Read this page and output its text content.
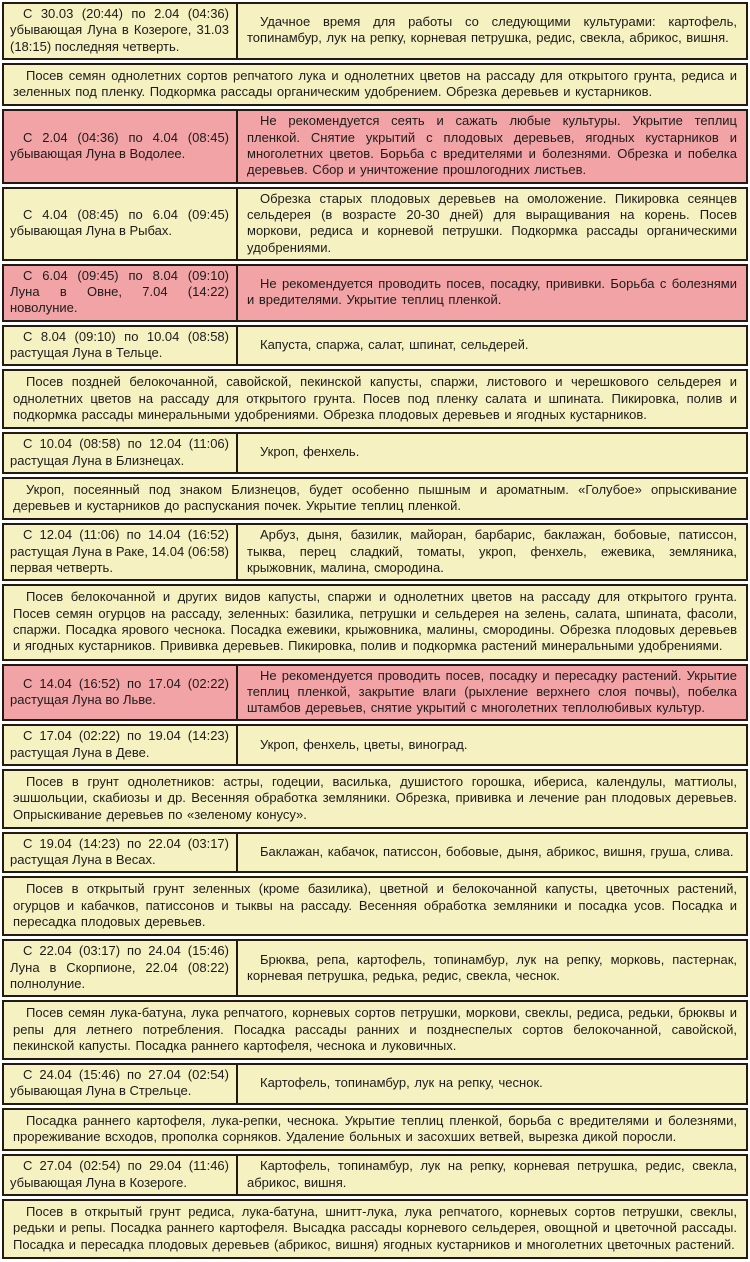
С 30.03 (20:44) по 2.04 (04:36) убывающая Луна в Козероге, 31.03 (18:15) последняя четверть.
Удачное время для работы со следующими культурами: картофель, топинамбур, лук на репку, корневая петрушка, редис, свекла, абрикос, вишня.
Посев семян однолетних сортов репчатого лука и однолетних цветов на рассаду для открытого грунта, редиса и зеленных под пленку. Подкормка рассады органическим удобрением. Обрезка деревьев и кустарников.
С 2.04 (04:36) по 4.04 (08:45) убывающая Луна в Водолее.
Не рекомендуется сеять и сажать любые культуры. Укрытие теплиц пленкой. Снятие укрытий с плодовых деревьев, ягодных кустарников и многолетних цветов. Борьба с вредителями и болезнями. Обрезка и побелка деревьев. Сбор и уничтожение прошлогодних листьев.
С 4.04 (08:45) по 6.04 (09:45) убывающая Луна в Рыбах.
Обрезка старых плодовых деревьев на омоложение. Пикировка сеянцев сельдерея (в возрасте 20-30 дней) для выращивания на корень. Посев моркови, редиса и корневой петрушки. Подкормка рассады органическими удобрениями.
С 6.04 (09:45) по 8.04 (09:10) Луна в Овне, 7.04 (14:22) новолуние.
Не рекомендуется проводить посев, посадку, прививки. Борьба с болезнями и вредителями. Укрытие теплиц пленкой.
С 8.04 (09:10) по 10.04 (08:58) растущая Луна в Тельце.
Капуста, спаржа, салат, шпинат, сельдерей.
Посев поздней белокочанной, савойской, пекинской капусты, спаржи, листового и черешкового сельдерея и однолетних цветов на рассаду для открытого грунта. Посев под пленку салата и шпината. Пикировка, полив и подкормка рассады минеральными удобрениями. Обрезка плодовых деревьев и ягодных кустарников.
С 10.04 (08:58) по 12.04 (11:06) растущая Луна в Близнецах.
Укроп, фенхель.
Укроп, посеянный под знаком Близнецов, будет особенно пышным и ароматным. «Голубое» опрыскивание деревьев и кустарников до распускания почек. Укрытие теплиц пленкой.
С 12.04 (11:06) по 14.04 (16:52) растущая Луна в Раке, 14.04 (06:58) первая четверть.
Арбуз, дыня, базилик, майоран, барбарис, баклажан, бобовые, патиссон, тыква, перец сладкий, томаты, укроп, фенхель, ежевика, земляника, крыжовник, малина, смородина.
Посев белокочанной и других видов капусты, спаржи и однолетних цветов на рассаду для открытого грунта. Посев семян огурцов на рассаду, зеленных: базилика, петрушки и сельдерея на зелень, салата, шпината, фасоли, спаржи. Посадка ярового чеснока. Посадка ежевики, крыжовника, малины, смородины. Обрезка плодовых деревьев и ягодных кустарников. Прививка деревьев. Пикировка, полив и подкормка растений минеральными удобрениями.
С 14.04 (16:52) по 17.04 (02:22) растущая Луна во Льве.
Не рекомендуется проводить посев, посадку и пересадку растений. Укрытие теплиц пленкой, закрытие влаги (рыхление верхнего слоя почвы), побелка штамбов деревьев, снятие укрытий с многолетних теплолюбивых культур.
С 17.04 (02:22) по 19.04 (14:23) растущая Луна в Деве.
Укроп, фенхель, цветы, виноград.
Посев в грунт однолетников: астры, годеции, василька, душистого горошка, ибериса, календулы, маттиолы, эшшольции, скабиозы и др. Весенняя обработка земляники. Обрезка, прививка и лечение ран плодовых деревьев. Опрыскивание деревьев по «зеленому конусу».
С 19.04 (14:23) по 22.04 (03:17) растущая Луна в Весах.
Баклажан, кабачок, патиссон, бобовые, дыня, абрикос, вишня, груша, слива.
Посев в открытый грунт зеленных (кроме базилика), цветной и белокочанной капусты, цветочных растений, огурцов и кабачков, патиссонов и тыквы на рассаду. Весенняя обработка земляники и посадка усов. Посадка и пересадка плодовых деревьев.
С 22.04 (03:17) по 24.04 (15:46) Луна в Скорпионе, 22.04 (08:22) полнолуние.
Брюква, репа, картофель, топинамбур, лук на репку, морковь, пастернак, корневая петрушка, редька, редис, свекла, чеснок.
Посев семян лука-батуна, лука репчатого, корневых сортов петрушки, моркови, свеклы, редиса, редьки, брюквы и репы для летнего потребления. Посадка рассады ранних и позднеспелых сортов белокочанной, савойской, пекинской капусты. Посадка раннего картофеля, чеснока и луковичных.
С 24.04 (15:46) по 27.04 (02:54) убывающая Луна в Стрельце.
Картофель, топинамбур, лук на репку, чеснок.
Посадка раннего картофеля, лука-репки, чеснока. Укрытие теплиц пленкой, борьба с вредителями и болезнями, прореживание всходов, прополка сорняков. Удаление больных и засохших ветвей, вырезка дикой поросли.
С 27.04 (02:54) по 29.04 (11:46) убывающая Луна в Козероге.
Картофель, топинамбур, лук на репку, корневая петрушка, редис, свекла, абрикос, вишня.
Посев в открытый грунт редиса, лука-батуна, шнитт-лука, лука репчатого, корневых сортов петрушки, свеклы, редьки и репы. Посадка раннего картофеля. Высадка рассады корневого сельдерея, овощной и цветочной рассады. Посадка и пересадка плодовых деревьев (абрикос, вишня) ягодных кустарников и многолетних цветочных растений.
